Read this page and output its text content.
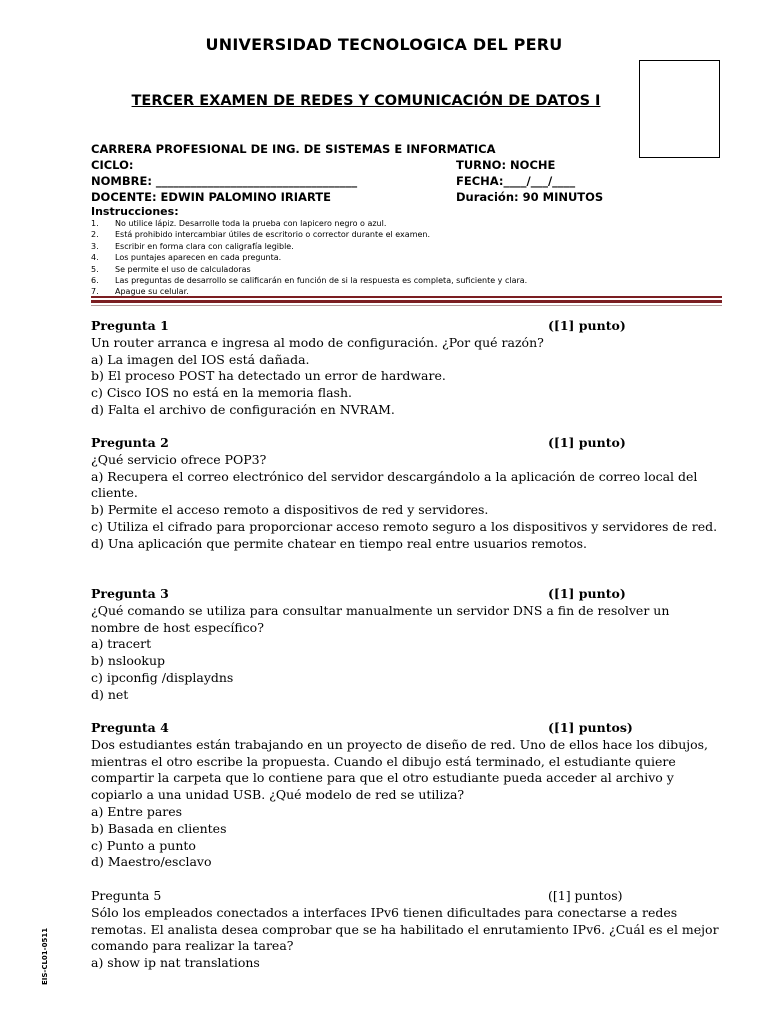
UNIVERSIDAD TECNOLOGICA DEL PERU
TERCER EXAMEN DE REDES Y COMUNICACIÓN DE DATOS I
CARRERA PROFESIONAL DE ING. DE SISTEMAS E INFORMATICA
CICLO:	TURNO: NOCHE
NOMBRE: ___________________________________	FECHA:____/___/____
DOCENTE: EDWIN PALOMINO IRIARTE	Duración: 90 MINUTOS
Instrucciones:
1. No utilice lápiz. Desarrolle toda la prueba con lapicero negro o azul.
2. Está prohibido intercambiar útiles de escritorio o corrector durante el examen.
3. Escribir en forma clara con caligrafía legible.
4. Los puntajes aparecen en cada pregunta.
5. Se permite el uso de calculadoras
6. Las preguntas de desarrollo se calificarán en función de si la respuesta es completa, suficiente y clara.
7. Apague su celular.
Pregunta 1	([1] punto)

Un router arranca e ingresa al modo de configuración. ¿Por qué razón?

a) La imagen del IOS está dañada.

b) El proceso POST ha detectado un error de hardware.

c) Cisco IOS no está en la memoria flash.

d) Falta el archivo de configuración en NVRAM.

Pregunta 2	([1] punto)

¿Qué servicio ofrece POP3?

a) Recupera el correo electrónico del servidor descargándolo a la aplicación de correo local del cliente.

b) Permite el acceso remoto a dispositivos de red y servidores.

c) Utiliza el cifrado para proporcionar acceso remoto seguro a los dispositivos y servidores de red.

d) Una aplicación que permite chatear en tiempo real entre usuarios remotos.

Pregunta 3	([1] punto)

¿Qué comando se utiliza para consultar manualmente un servidor DNS a fin de resolver un nombre de host específico?

a) tracert

b) nslookup

c) ipconfig /displaydns

d) net

Pregunta 4	([1] puntos)

Dos estudiantes están trabajando en un proyecto de diseño de red. Uno de ellos hace los dibujos, mientras el otro escribe la propuesta. Cuando el dibujo está terminado, el estudiante quiere compartir la carpeta que lo contiene para que el otro estudiante pueda acceder al archivo y copiarlo a una unidad USB. ¿Qué modelo de red se utiliza?

a) Entre pares

b) Basada en clientes

c) Punto a punto

d) Maestro/esclavo

Pregunta 5	([1] puntos)

Sólo los empleados conectados a interfaces IPv6 tienen dificultades para conectarse a redes remotas. El analista desea comprobar que se ha habilitado el enrutamiento IPv6. ¿Cuál es el mejor comando para realizar la tarea?

a) show ip nat translations

EIS-CL01-0511
